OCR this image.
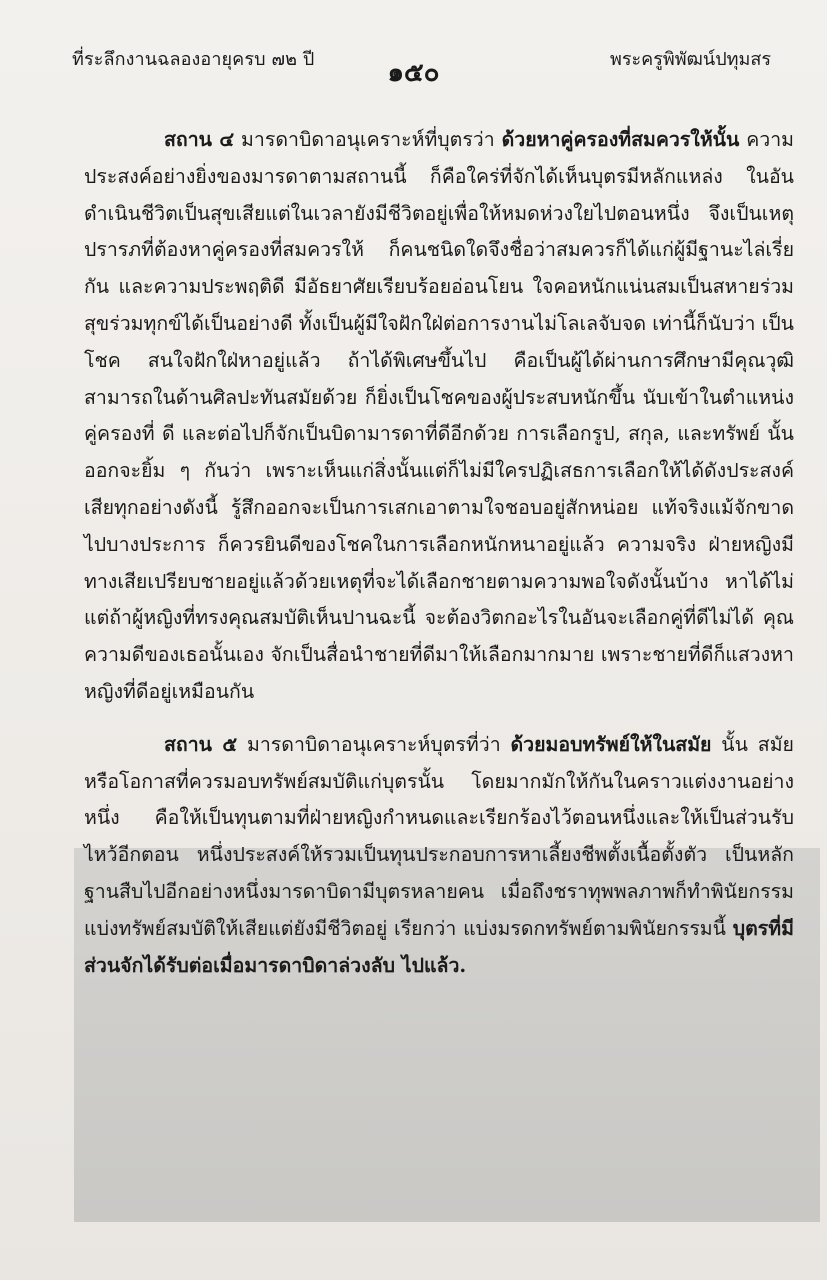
ที่ระลึกงานฉลองอายุครบ ๗๒ ปี	๑๕๐	พระครูพิพัฒน์ปทุมสร

สถาน ๔ มารดาบิดาอนุเคราะห์ที่บุตรว่า ด้วยหาคู่ครองที่สมควรให้นั้น ความประสงค์อย่างยิ่งของมารดาตามสถานนี้ ก็คือใคร่ที่จักได้เห็นบุตรมีหลักแหล่ง ในอันดำเนินชีวิตเป็นสุขเสียแต่ในเวลายังมีชีวิตอยู่เพื่อให้หมดห่วงใยไปตอนหนึ่ง จึงเป็นเหตุปรารภที่ต้องหาคู่ครองที่สมควรให้ ก็คนชนิดใดจึงชื่อว่าสมควรก็ได้แก่ผู้มีฐานะไล่เรี่ยกัน และความประพฤติดี มีอัธยาศัยเรียบร้อยอ่อนโยน ใจคอหนักแน่นสมเป็นสหายร่วมสุขร่วมทุกข์ได้เป็นอย่างดี ทั้งเป็นผู้มีใจฝักใฝ่ต่อการงานไม่โลเลจับจด เท่านี้ก็นับว่า เป็นโชค สนใจฝักใฝ่หาอยู่แล้ว ถ้าได้พิเศษขึ้นไป คือเป็นผู้ได้ผ่านการศึกษามีคุณวุฒิสามารถในด้านศิลปะทันสมัยด้วย ก็ยิ่งเป็นโชคของผู้ประสบหนักขึ้น นับเข้าในตำแหน่งคู่ครองที่ ดี และต่อไปก็จักเป็นบิดามารดาที่ดีอีกด้วย การเลือกรูป, สกุล, และทรัพย์ นั้น ออกจะยิ้ม ๆ กันว่า เพราะเห็นแก่สิ่งนั้นแต่ก็ไม่มีใครปฏิเสธการเลือกให้ได้ดังประสงค์เสียทุกอย่างดังนี้ รู้สึกออกจะเป็นการเสกเอาตามใจชอบอยู่สักหน่อย แท้จริงแม้จักขาดไปบางประการ ก็ควรยินดีของโชคในการเลือกหนักหนาอยู่แล้ว ความจริง ฝ่ายหญิงมีทางเสียเปรียบชายอยู่แล้วด้วยเหตุที่จะได้เลือกชายตามความพอใจดังนั้นบ้าง หาได้ไม่ แต่ถ้าผู้หญิงที่ทรงคุณสมบัติเห็นปานฉะนี้ จะต้องวิตกอะไรในอันจะเลือกคู่ที่ดีไม่ได้ คุณความดีของเธอนั้นเอง จักเป็นสื่อนำชายที่ดีมาให้เลือกมากมาย เพราะชายที่ดีก็แสวงหาหญิงที่ดีอยู่เหมือนกัน

สถาน ๕ มารดาบิดาอนุเคราะห์บุตรที่ว่า ด้วยมอบทรัพย์ให้ในสมัย นั้น สมัยหรือโอกาสที่ควรมอบทรัพย์สมบัติแก่บุตรนั้น โดยมากมักให้กันในคราวแต่งงานอย่างหนึ่ง คือให้เป็นทุนตามที่ฝ่ายหญิงกำหนดและเรียกร้องไว้ตอนหนึ่งและให้เป็นส่วนรับไหว้อีกตอน หนึ่งประสงค์ให้รวมเป็นทุนประกอบการหาเลี้ยงชีพตั้งเนื้อตั้งตัว เป็นหลักฐานสืบไปอีกอย่างหนึ่งมารดาบิดามีบุตรหลายคน เมื่อถึงชราทุพพลภาพก็ทำพินัยกรรมแบ่งทรัพย์สมบัติให้เสียแต่ยังมีชีวิตอยู่ เรียกว่า แบ่งมรดกทรัพย์ตามพินัยกรรมนี้ บุตรที่มีส่วนจักได้รับต่อเมื่อมารดาบิดาล่วงลับ ไปแล้ว.
